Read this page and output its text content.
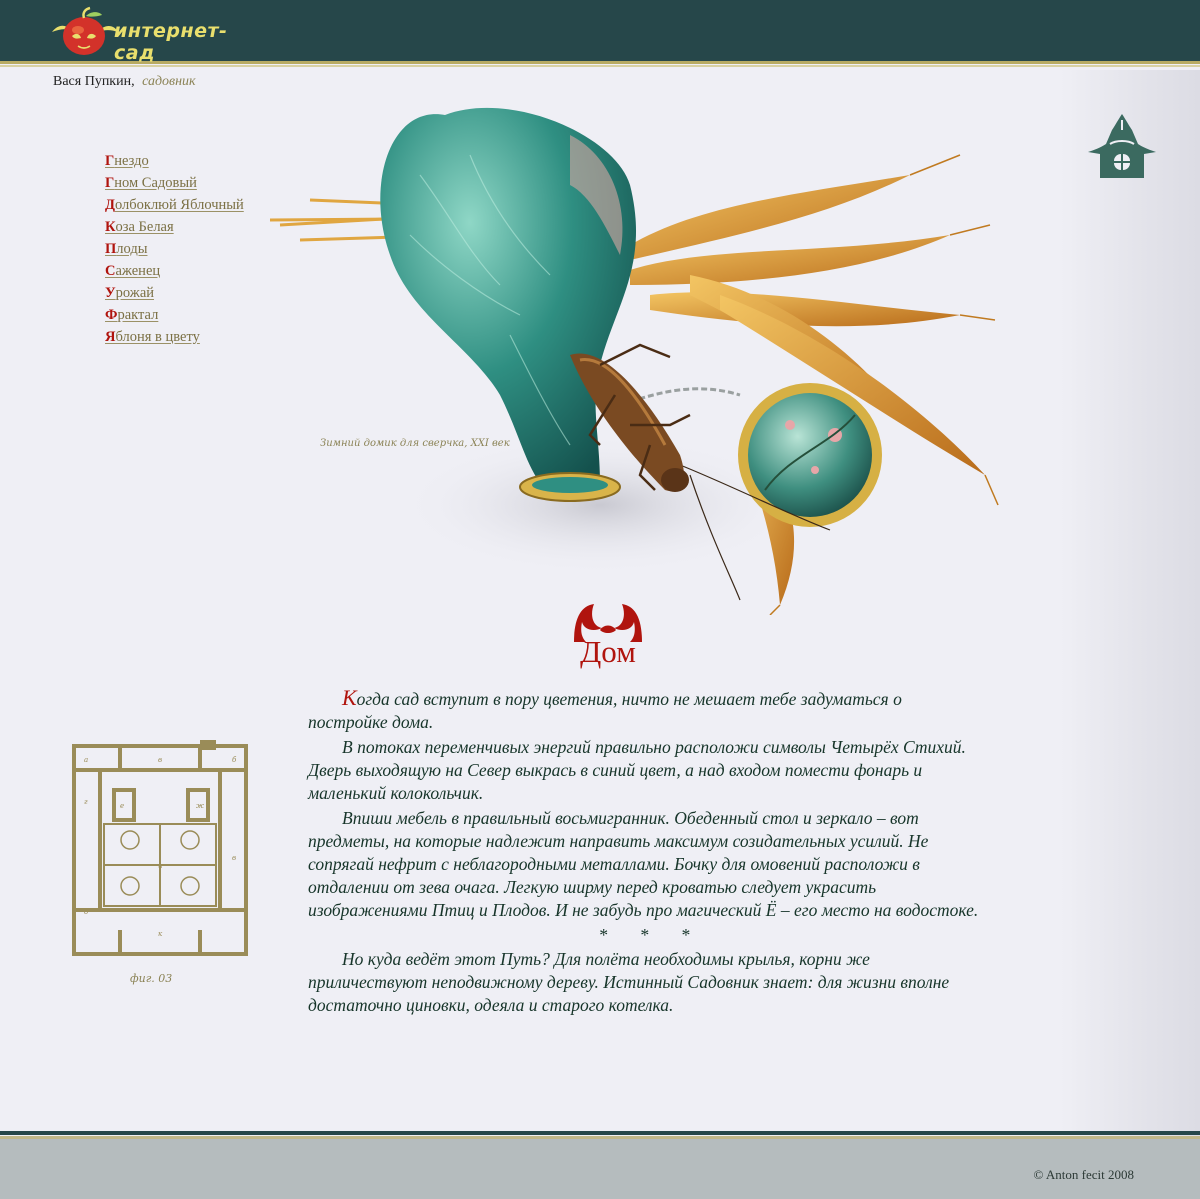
интернет-сад
Вася Пупкин, садовник
Гнездо
Гном Садовый
Долбоклюй Яблочный
Коза Белая
Плоды
Саженец
Урожай
Фрактал
Яблоня в цвету
Зимний домик для сверчка, XXI век
Дом

Когда сад вступит в пору цветения, ничто не мешает тебе задуматься о постройке дома.

В потоках переменчивых энергий правильно расположи символы Четырёх Стихий. Дверь выходящую на Север выкрась в синий цвет, а над входом помести фонарь и маленький колокольчик.

Впиши мебель в правильный восьмигранник. Обеденный стол и зеркало – вот предметы, на которые надлежит направить максимум созидательных усилий. Не сопрягай нефрит с неблагородными металлами. Бочку для омовений расположи в отдалении от зева очага. Легкую ширму перед кроватью следует украсить изображениями Птиц и Плодов. И не забудь про магический Ё – его место на водостоке.

* * *

Но куда ведёт этот Путь? Для полёта необходимы крылья, корни же приличествуют неподвижному дереву. Истинный Садовник знает: для жизни вполне достаточно циновки, одеяла и старого котелка.

а	в	б
г	е	ж
и
в
д
к
фиг. 03
© Anton fecit 2008
